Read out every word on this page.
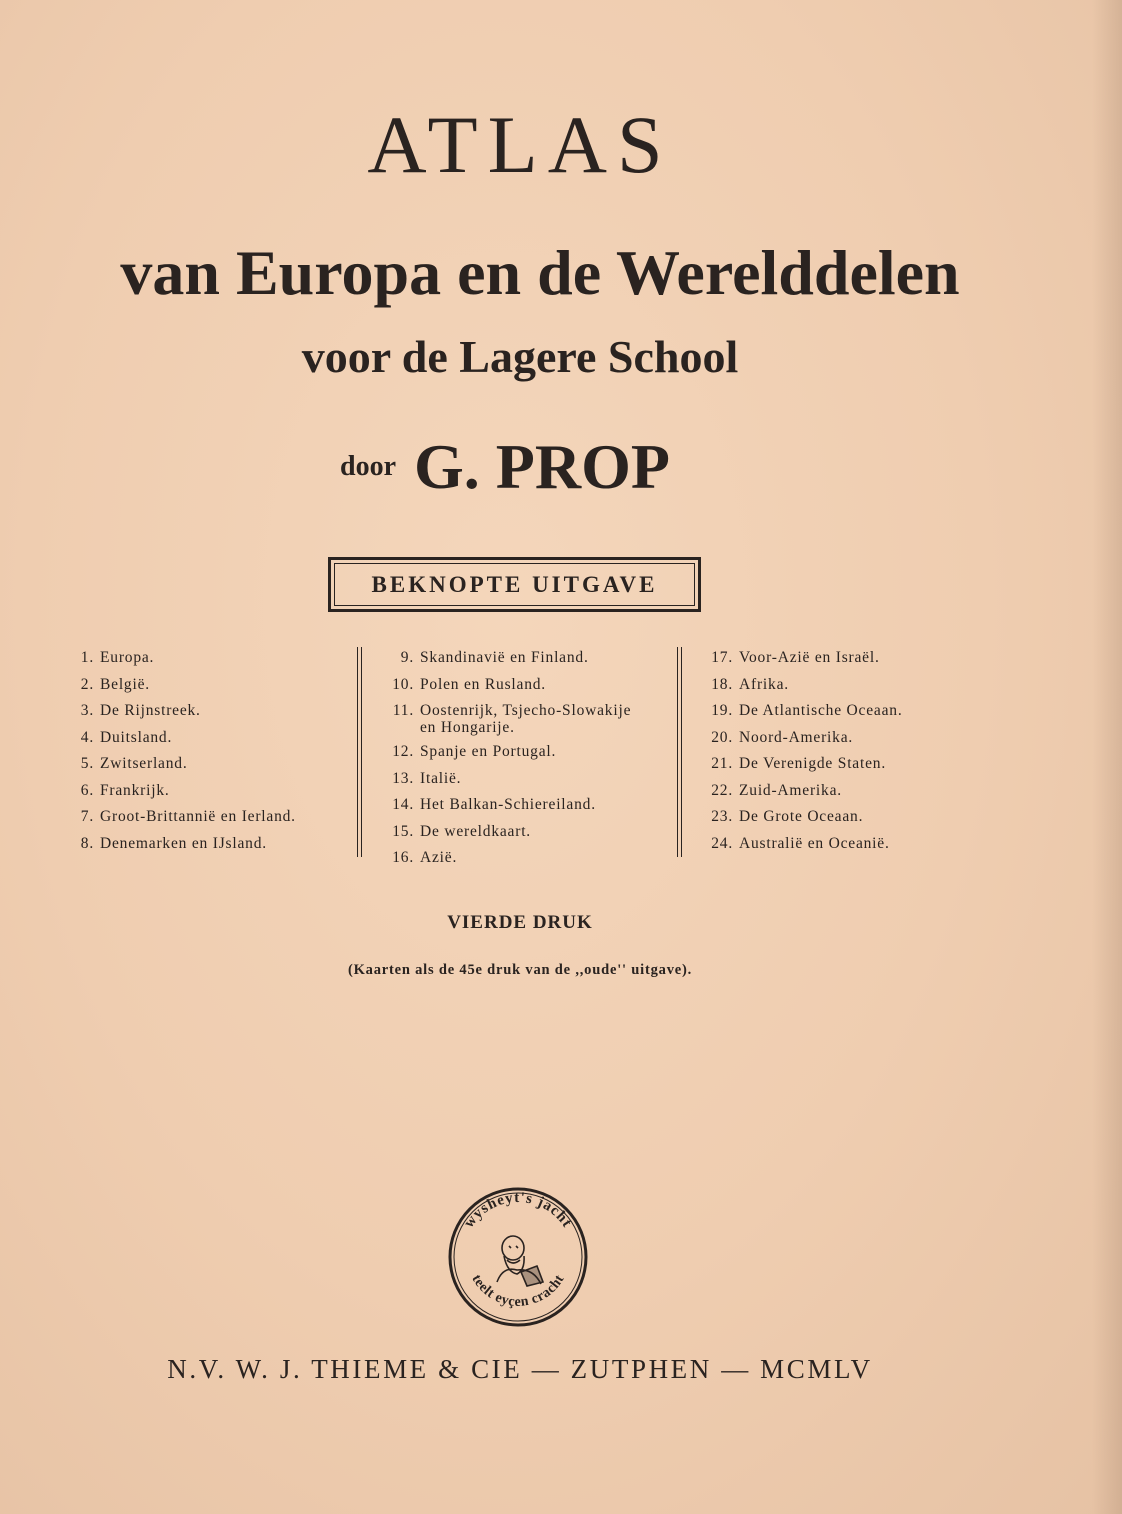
ATLAS
van Europa en de Werelddelen
voor de Lagere School

door G. PROP

BEKNOPTE UITGAVE
1. Europa.
2. België.
3. De Rijnstreek.
4. Duitsland.
5. Zwitserland.
6. Frankrijk.
7. Groot-Brittannië en Ierland.
8. Denemarken en IJsland.
9. Skandinavië en Finland.
10. Polen en Rusland.
11. Oostenrijk, Tsjecho-Slowakije
en Hongarije.
12. Spanje en Portugal.
13. Italië.
14. Het Balkan-Schiereiland.
15. De wereldkaart.
16. Azië.
17. Voor-Azië en Israël.
18. Afrika.
19. De Atlantische Oceaan.
20. Noord-Amerika.
21. De Verenigde Staten.
22. Zuid-Amerika.
23. De Grote Oceaan.
24. Australië en Oceanië.

VIERDE DRUK

(Kaarten als de 45e druk van de ,,oude'' uitgave).

wysheyt's jacht
teelt eyçen cracht

N.V. W. J. THIEME & CIE — ZUTPHEN — MCMLV
